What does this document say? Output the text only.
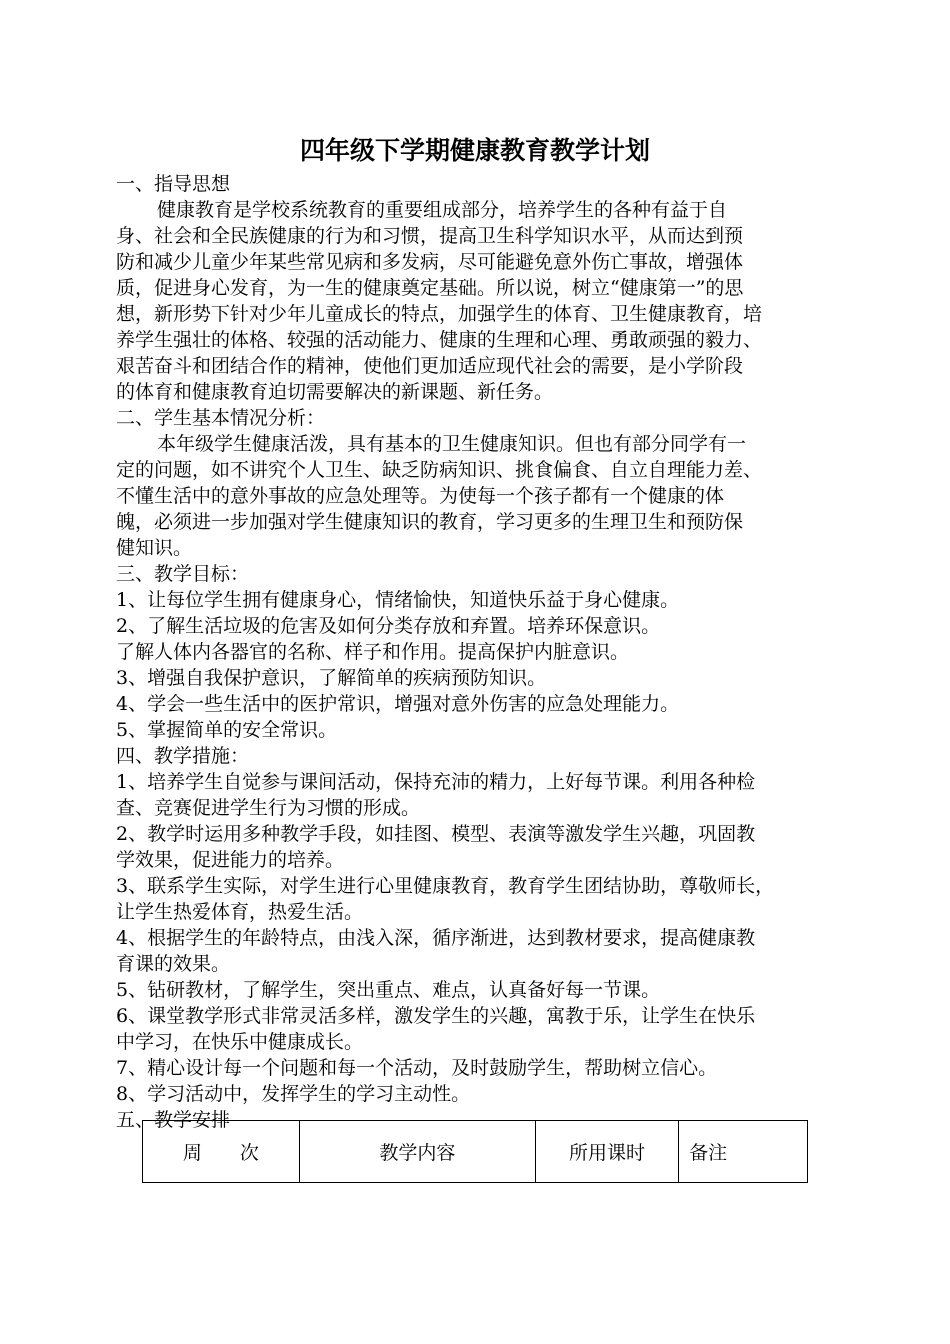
四年级下学期健康教育教学计划
一、指导思想
健康教育是学校系统教育的重要组成部分，培养学生的各种有益于自
身、社会和全民族健康的行为和习惯，提高卫生科学知识水平，从而达到预
防和减少儿童少年某些常见病和多发病，尽可能避免意外伤亡事故，增强体
质，促进身心发育，为一生的健康奠定基础。所以说，树立“健康第一”的思
想，新形势下针对少年儿童成长的特点，加强学生的体育、卫生健康教育，培
养学生强壮的体格、较强的活动能力、健康的生理和心理、勇敢顽强的毅力、
艰苦奋斗和团结合作的精神，使他们更加适应现代社会的需要，是小学阶段
的体育和健康教育迫切需要解决的新课题、新任务。
二、学生基本情况分析：
本年级学生健康活泼，具有基本的卫生健康知识。但也有部分同学有一
定的问题，如不讲究个人卫生、缺乏防病知识、挑食偏食、自立自理能力差、
不懂生活中的意外事故的应急处理等。为使每一个孩子都有一个健康的体
魄，必须进一步加强对学生健康知识的教育，学习更多的生理卫生和预防保
健知识。
三、教学目标：
1、让每位学生拥有健康身心，情绪愉快，知道快乐益于身心健康。
2、了解生活垃圾的危害及如何分类存放和弃置。培养环保意识。
了解人体内各器官的名称、样子和作用。提高保护内脏意识。
3、增强自我保护意识，了解简单的疾病预防知识。
4、学会一些生活中的医护常识，增强对意外伤害的应急处理能力。
5、掌握简单的安全常识。
四、教学措施：
1、培养学生自觉参与课间活动，保持充沛的精力，上好每节课。利用各种检
查、竞赛促进学生行为习惯的形成。
2、教学时运用多种教学手段，如挂图、模型、表演等激发学生兴趣，巩固教
学效果，促进能力的培养。
3、联系学生实际，对学生进行心里健康教育，教育学生团结协助，尊敬师长，
让学生热爱体育，热爱生活。
4、根据学生的年龄特点，由浅入深，循序渐进，达到教材要求，提高健康教
育课的效果。
5、钻研教材，了解学生，突出重点、难点，认真备好每一节课。
6、课堂教学形式非常灵活多样，激发学生的兴趣，寓教于乐，让学生在快乐
中学习，在快乐中健康成长。
7、精心设计每一个问题和每一个活动，及时鼓励学生，帮助树立信心。
8、学习活动中，发挥学生的学习主动性。
五、教学安排
周　　次	教学内容	所用课时	备注
